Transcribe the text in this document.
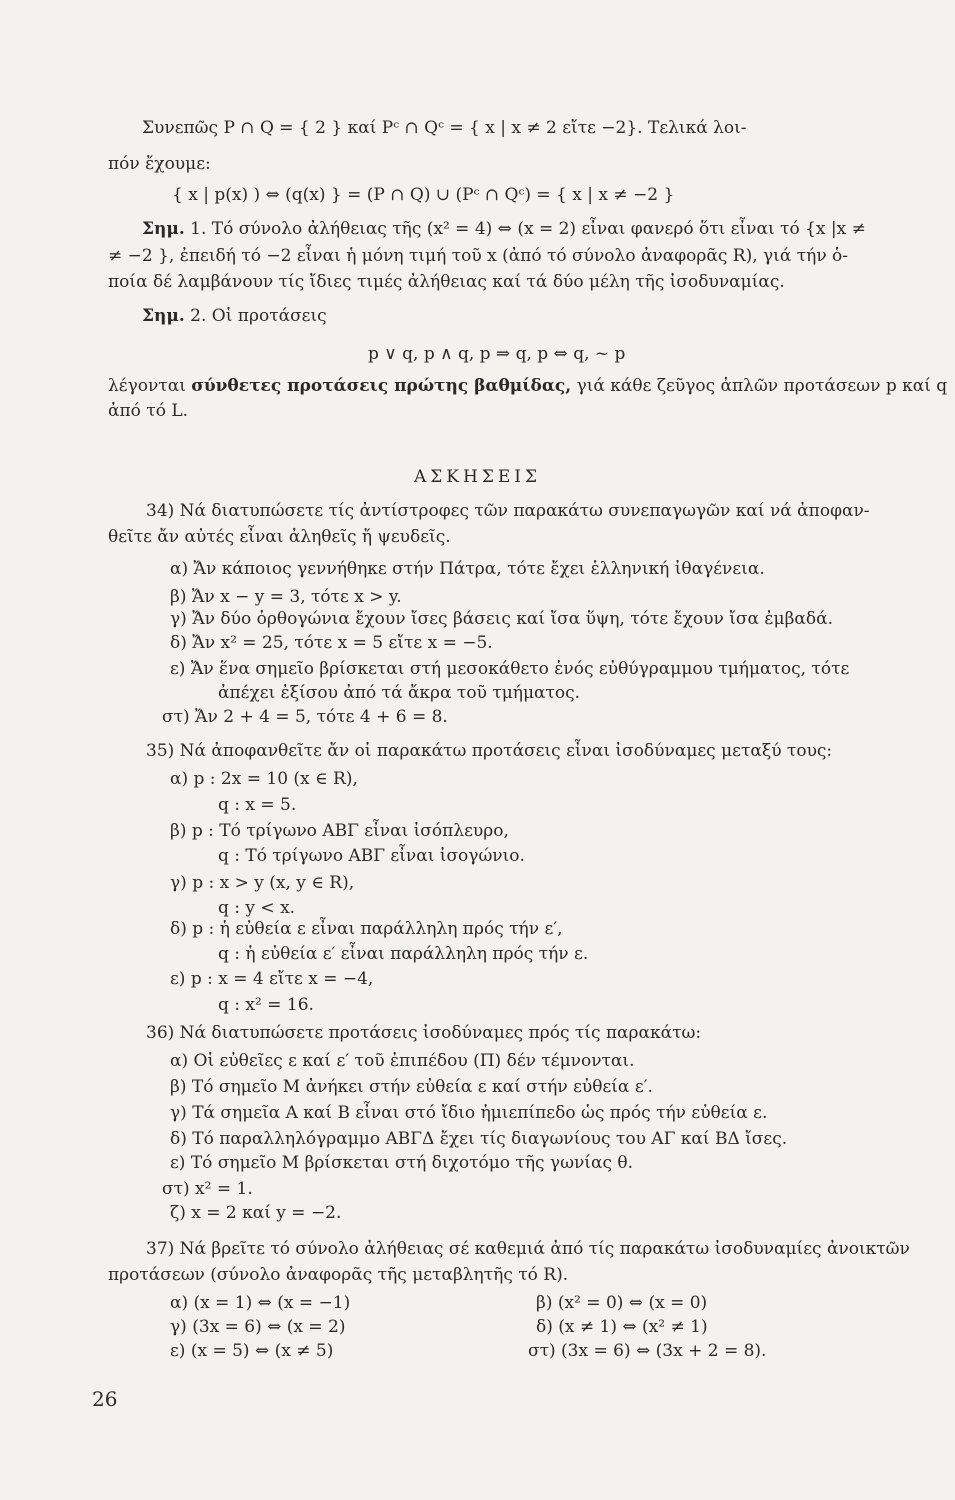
Συνεπῶς P ∩ Q = { 2 } καί Pᶜ ∩ Qᶜ = { x | x ≠ 2 εἴτε −2}. Τελικά λοι-
πόν ἔχουμε:
{ x | p(x) ) ⇔ (q(x) } = (P ∩ Q) ∪ (Pᶜ ∩ Qᶜ) = { x | x ≠ −2 }
Σημ. 1. Τό σύνολο ἀλήθειας τῆς (x² = 4) ⇔ (x = 2) εἶναι φανερό ὅτι εἶναι τό {x |x ≠
≠ −2 }, ἐπειδή τό −2 εἶναι ἡ μόνη τιμή τοῦ x (ἀπό τό σύνολο ἀναφορᾶς R), γιά τήν ὁ-
ποία δέ λαμβάνουν τίς ἴδιες τιμές ἀλήθειας καί τά δύο μέλη τῆς ἰσοδυναμίας.
Σημ. 2. Οἱ προτάσεις
p ∨ q, p ∧ q, p ⇒ q, p ⇔ q, ~ p
λέγονται σύνθετες προτάσεις πρώτης βαθμίδας, γιά κάθε ζεῦγος ἀπλῶν προτάσεων p καί q
ἀπό τό L.
ΑΣΚΗΣΕΙΣ
34) Νά διατυπώσετε τίς ἀντίστροφες τῶν παρακάτω συνεπαγωγῶν καί νά ἀποφαν-
θεῖτε ἄν αὐτές εἶναι ἀληθεῖς ἤ ψευδεῖς.
α) Ἄν κάποιος γεννήθηκε στήν Πάτρα, τότε ἔχει ἑλληνική ἰθαγένεια.
β) Ἄν x − y = 3, τότε x > y.
γ) Ἄν δύο ὀρθογώνια ἔχουν ἴσες βάσεις καί ἴσα ὕψη, τότε ἔχουν ἴσα ἐμβαδά.
δ) Ἄν x² = 25, τότε x = 5 εἴτε x = −5.
ε) Ἄν ἕνα σημεῖο βρίσκεται στή μεσοκάθετο ἑνός εὐθύγραμμου τμήματος, τότε
ἀπέχει ἐξίσου ἀπό τά ἄκρα τοῦ τμήματος.
στ) Ἄν 2 + 4 = 5, τότε 4 + 6 = 8.
35) Νά ἀποφανθεῖτε ἄν οἱ παρακάτω προτάσεις εἶναι ἰσοδύναμες μεταξύ τους:
α) p : 2x = 10 (x ∈ R),
q : x = 5.
β) p : Τό τρίγωνο ΑΒΓ εἶναι ἰσόπλευρο,
q : Τό τρίγωνο ΑΒΓ εἶναι ἰσογώνιο.
γ) p : x > y (x, y ∈ R),
q : y < x.
δ) p : ἡ εὐθεία ε εἶναι παράλληλη πρός τήν ε′,
q : ἡ εὐθεία ε′ εἶναι παράλληλη πρός τήν ε.
ε) p : x = 4 εἴτε x = −4,
q : x² = 16.
36) Νά διατυπώσετε προτάσεις ἰσοδύναμες πρός τίς παρακάτω:
α) Οἱ εὐθεῖες ε καί ε′ τοῦ ἐπιπέδου (Π) δέν τέμνονται.
β) Τό σημεῖο Μ ἀνήκει στήν εὐθεία ε καί στήν εὐθεία ε′.
γ) Τά σημεῖα Α καί Β εἶναι στό ἴδιο ἡμιεπίπεδο ὡς πρός τήν εὐθεία ε.
δ) Τό παραλληλόγραμμο ΑΒΓΔ ἔχει τίς διαγωνίους του ΑΓ καί ΒΔ ἴσες.
ε) Τό σημεῖο Μ βρίσκεται στή διχοτόμο τῆς γωνίας θ.
στ) x² = 1.
ζ) x = 2 καί y = −2.
37) Νά βρεῖτε τό σύνολο ἀλήθειας σέ καθεμιά ἀπό τίς παρακάτω ἰσοδυναμίες ἀνοικτῶν
προτάσεων (σύνολο ἀναφορᾶς τῆς μεταβλητῆς τό R).
α) (x = 1) ⇔ (x = −1)	β) (x² = 0) ⇔ (x = 0)
γ) (3x = 6) ⇔ (x = 2)	δ) (x ≠ 1) ⇔ (x² ≠ 1)
ε) (x = 5) ⇔ (x ≠ 5)	στ) (3x = 6) ⇔ (3x + 2 = 8).
26
